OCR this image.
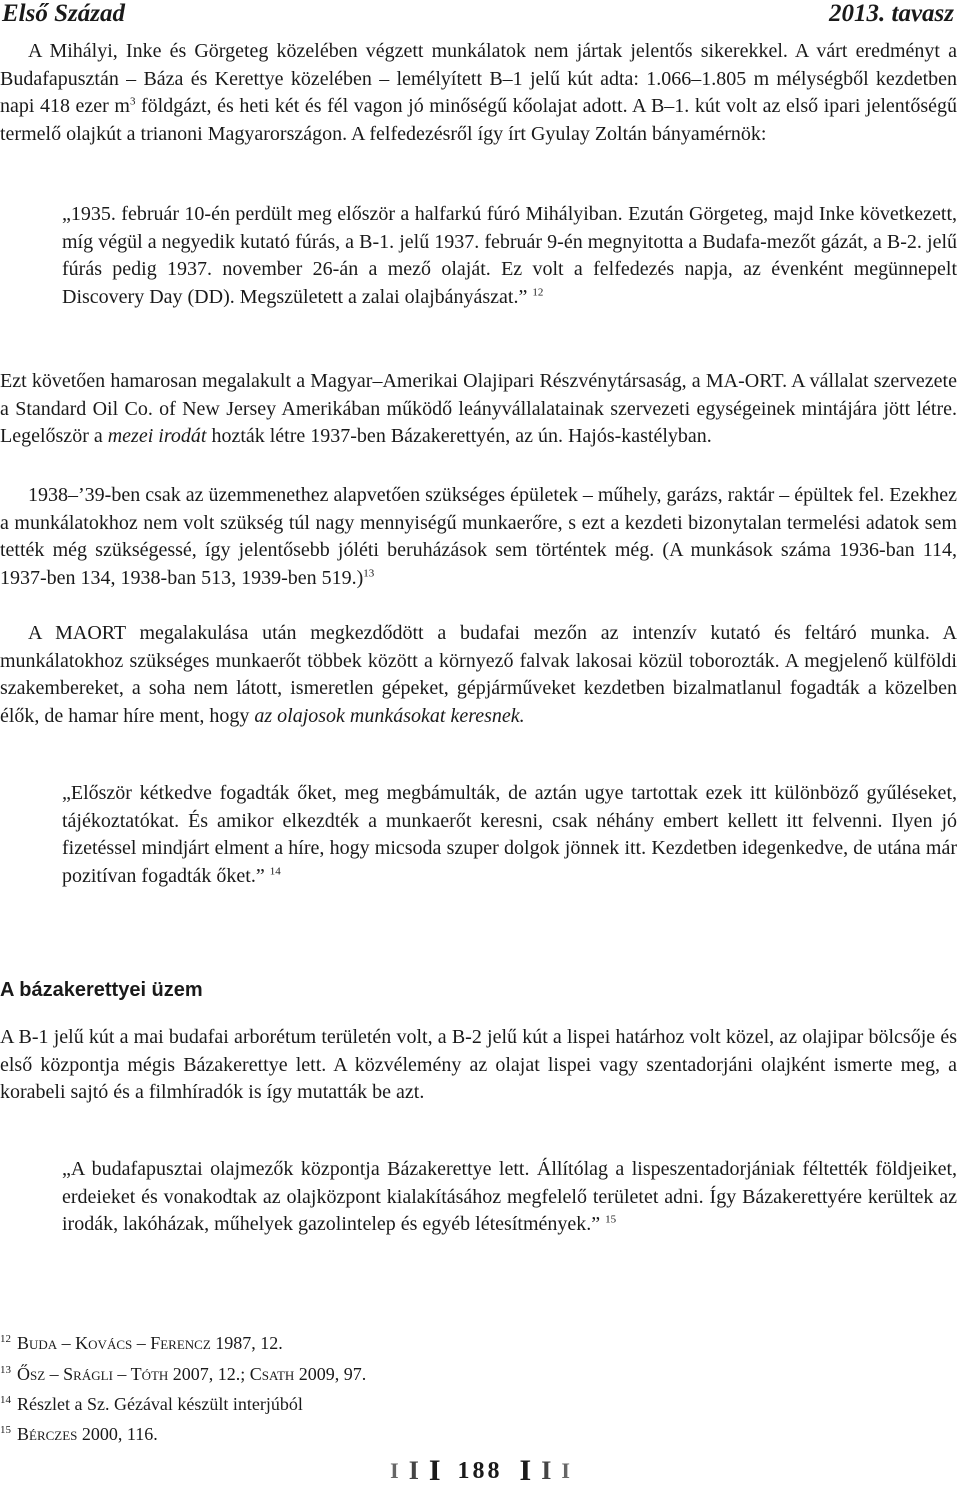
Első Század	2013. tavasz

A Mihályi, Inke és Görgeteg közelében végzett munkálatok nem jártak jelentős sikerekkel. A várt eredményt a Budafapusztán – Báza és Kerettye közelében – lemélyített B–1 jelű kút adta: 1.066–1.805 m mélységből kezdetben napi 418 ezer $m^3$ földgázt, és heti két és fél vagon jó minőségű kőolajat adott. A B–1. kút volt az első ipari jelentőségű termelő olajkút a trianoni Magyarországon. A felfedezésről így írt Gyulay Zoltán bányamérnök:

„1935. február 10-én perdült meg először a halfarkú fúró Mihályiban. Ezután Görgeteg, majd Inke következett, míg végül a negyedik kutató fúrás, a B-1. jelű 1937. február 9-én megnyitotta a Budafa-mezőt gázát, a B-2. jelű fúrás pedig 1937. november 26-án a mező olaját. Ez volt a felfedezés napja, az évenként megünnepelt Discovery Day (DD). Megszületett a zalai olajbányászat.” $^{12}$

Ezt követően hamarosan megalakult a Magyar–Amerikai Olajipari Részvénytársaság, a MA-ORT. A vállalat szervezete a Standard Oil Co. of New Jersey Amerikában működő leányvállalatainak szervezeti egységeinek mintájára jött létre. Legelőször a mezei irodát hozták létre 1937-ben Bázakerettyén, az ún. Hajós-kastélyban.

1938–’39-ben csak az üzemmenethez alapvetően szükséges épületek – műhely, garázs, raktár – épültek fel. Ezekhez a munkálatokhoz nem volt szükség túl nagy mennyiségű munkaerőre, s ezt a kezdeti bizonytalan termelési adatok sem tették még szükségessé, így jelentősebb jóléti beruházások sem történtek még. (A munkások száma 1936-ban 114, 1937-ben 134, 1938-ban 513, 1939-ben 519.)$^{13}$

A MAORT megalakulása után megkezdődött a budafai mezőn az intenzív kutató és feltáró munka. A munkálatokhoz szükséges munkaerőt többek között a környező falvak lakosai közül toborozták. A megjelenő külföldi szakembereket, a soha nem látott, ismeretlen gépeket, gépjárműveket kezdetben bizalmatlanul fogadták a közelben élők, de hamar híre ment, hogy az olajosok munkásokat keresnek.

„Először kétkedve fogadták őket, meg megbámulták, de aztán ugye tartottak ezek itt különböző gyűléseket, tájékoztatókat. És amikor elkezdték a munkaerőt keresni, csak néhány embert kellett itt felvenni. Ilyen jó fizetéssel mindjárt elment a híre, hogy micsoda szuper dolgok jönnek itt. Kezdetben idegenkedve, de utána már pozitívan fogadták őket.” $^{14}$

A bázakerettyei üzem

A B-1 jelű kút a mai budafai arborétum területén volt, a B-2 jelű kút a lispei határhoz volt közel, az olajipar bölcsője és első központja mégis Bázakerettye lett. A közvélemény az olajat lispei vagy szentadorjáni olajként ismerte meg, a korabeli sajtó és a filmhíradók is így mutatták be azt.

„A budafapusztai olajmezők központja Bázakerettye lett. Állítólag a lispeszentadorjániak féltették földjeiket, erdeieket és vonakodtak az olajközpont kialakításához megfelelő területet adni. Így Bázakerettyére kerültek az irodák, lakóházak, műhelyek gazolintelep és egyéb létesítmények.” $^{15}$

$^{12}$ Buda – Kovács – Ferencz 1987, 12.

$^{13}$ Ősz – Srágli – Tóth 2007, 12.; Csath 2009, 97.

$^{14}$ Részlet a Sz. Gézával készült interjúból

$^{15}$ Bérczes 2000, 116.

I I I 188 I I I
